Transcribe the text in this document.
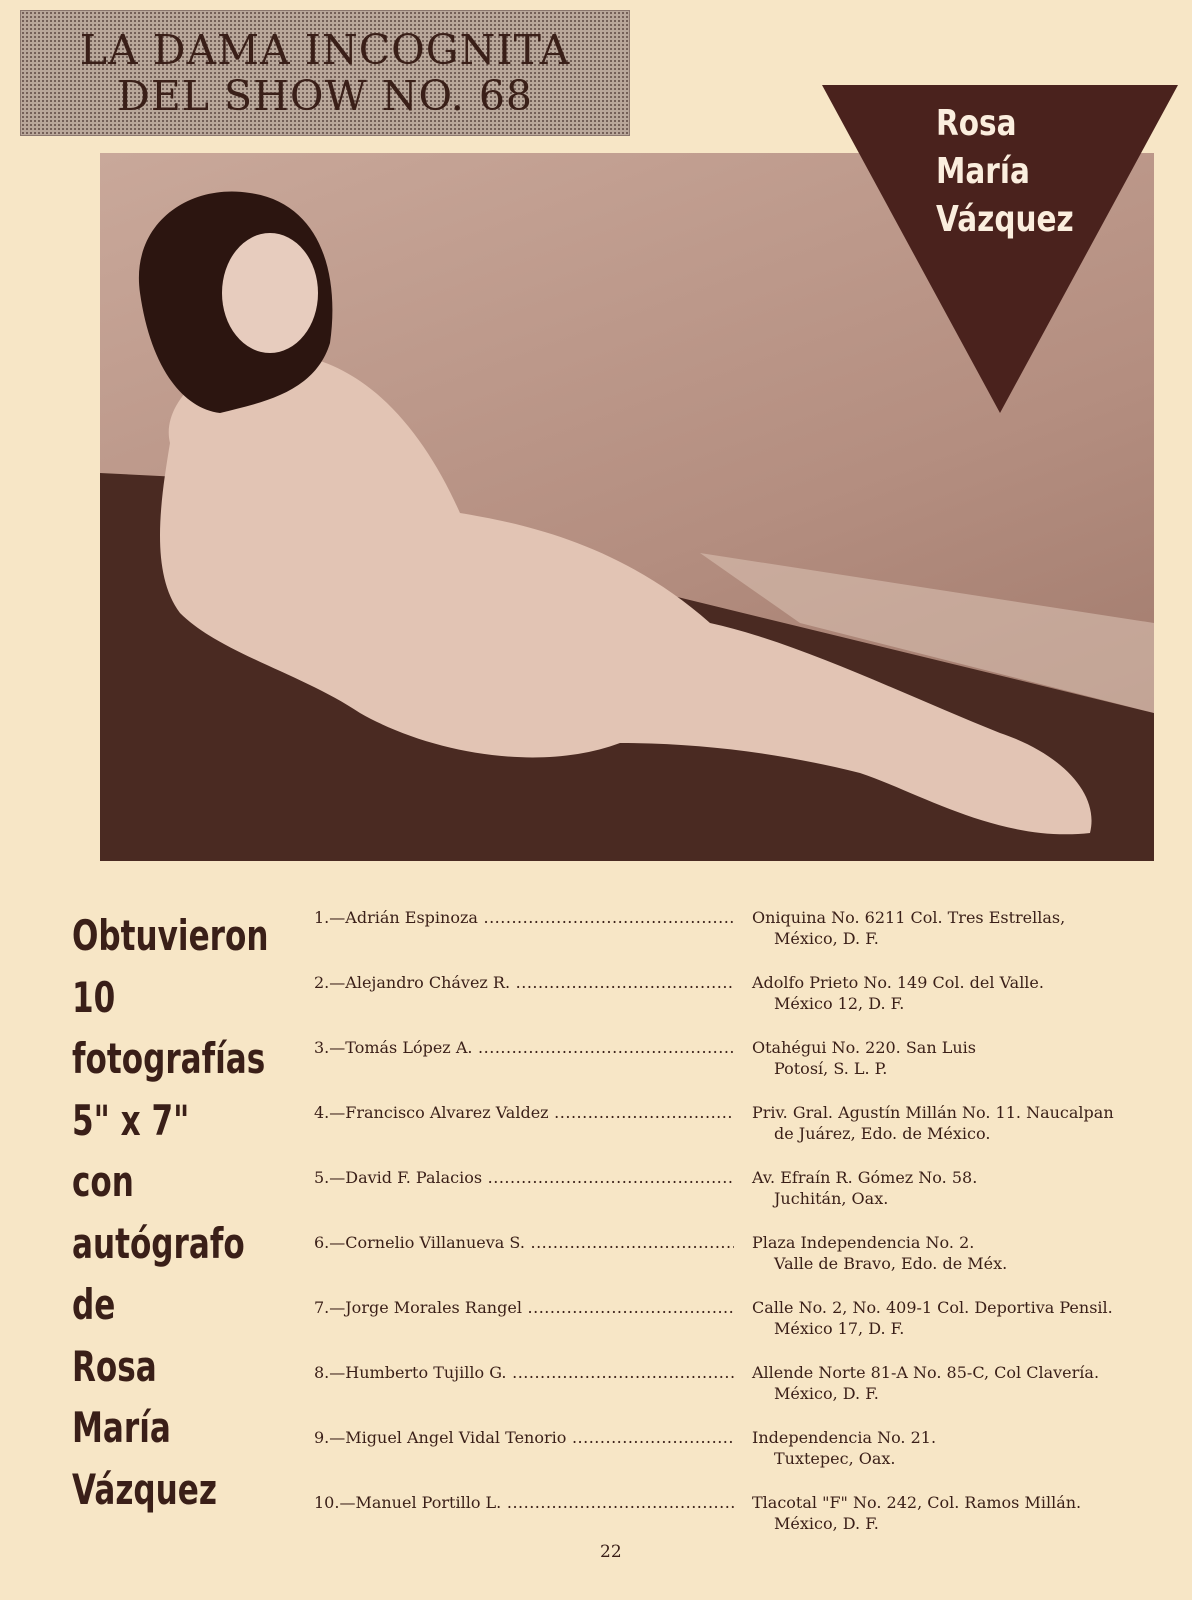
LA DAMA INCOGNITA
DEL SHOW NO. 68
Rosa
María
Vázquez
Obtuvieron
10
fotografías
5" x 7"
con
autógrafo
de
Rosa
María
Vázquez
1.—Adrián Espinoza .....	Oniquina No. 6211 Col. Tres Estrellas,
México, D. F.
2.—Alejandro Chávez R. .....	Adolfo Prieto No. 149 Col. del Valle.
México 12, D. F.
3.—Tomás López A. .....	Otahégui No. 220. San Luis
Potosí, S. L. P.
4.—Francisco Alvarez Valdez .....	Priv. Gral. Agustín Millán No. 11. Naucalpan
de Juárez, Edo. de México.
5.—David F. Palacios .....	Av. Efraín R. Gómez No. 58.
Juchitán, Oax.
6.—Cornelio Villanueva S. .....	Plaza Independencia No. 2.
Valle de Bravo, Edo. de Méx.
7.—Jorge Morales Rangel .....	Calle No. 2, No. 409-1 Col. Deportiva Pensil.
México 17, D. F.
8.—Humberto Tujillo G. .....	Allende Norte 81-A No. 85-C, Col Clavería.
México, D. F.
9.—Miguel Angel Vidal Tenorio .....	Independencia No. 21.
Tuxtepec, Oax.
10.—Manuel Portillo L. .....	Tlacotal "F" No. 242, Col. Ramos Millán.
México, D. F.
22
